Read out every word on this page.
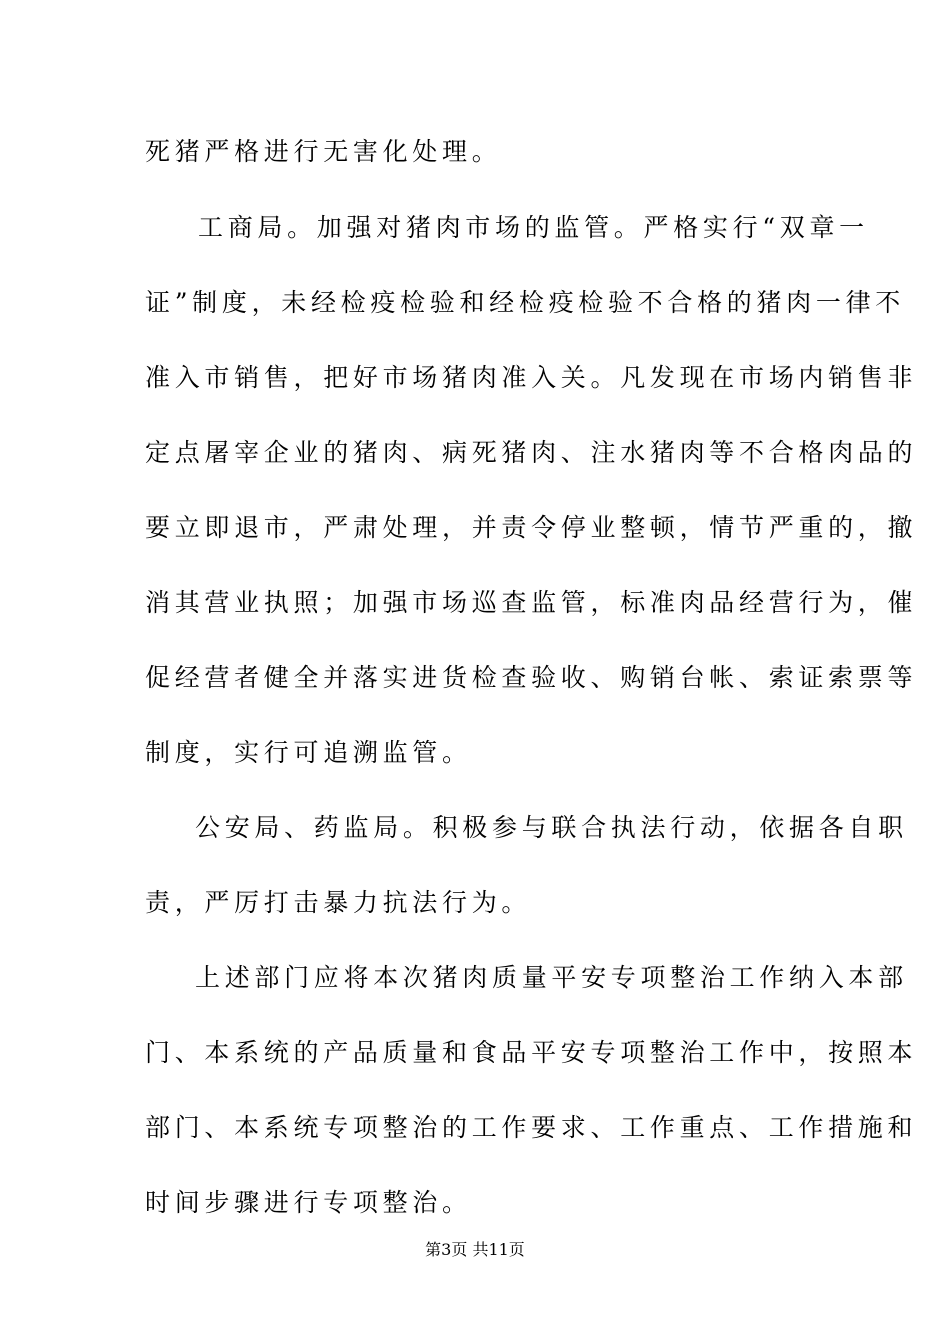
死猪严格进行无害化处理。
工商局。加强对猪肉市场的监管。严格实行“双章一
证”制度，未经检疫检验和经检疫检验不合格的猪肉一律不
准入市销售，把好市场猪肉准入关。凡发现在市场内销售非
定点屠宰企业的猪肉、病死猪肉、注水猪肉等不合格肉品的
要立即退市，严肃处理，并责令停业整顿，情节严重的，撤
消其营业执照；加强市场巡查监管，标准肉品经营行为，催
促经营者健全并落实进货检查验收、购销台帐、索证索票等
制度，实行可追溯监管。
公安局、药监局。积极参与联合执法行动，依据各自职
责，严厉打击暴力抗法行为。
上述部门应将本次猪肉质量平安专项整治工作纳入本部
门、本系统的产品质量和食品平安专项整治工作中，按照本
部门、本系统专项整治的工作要求、工作重点、工作措施和
时间步骤进行专项整治。
第3页 共11页
